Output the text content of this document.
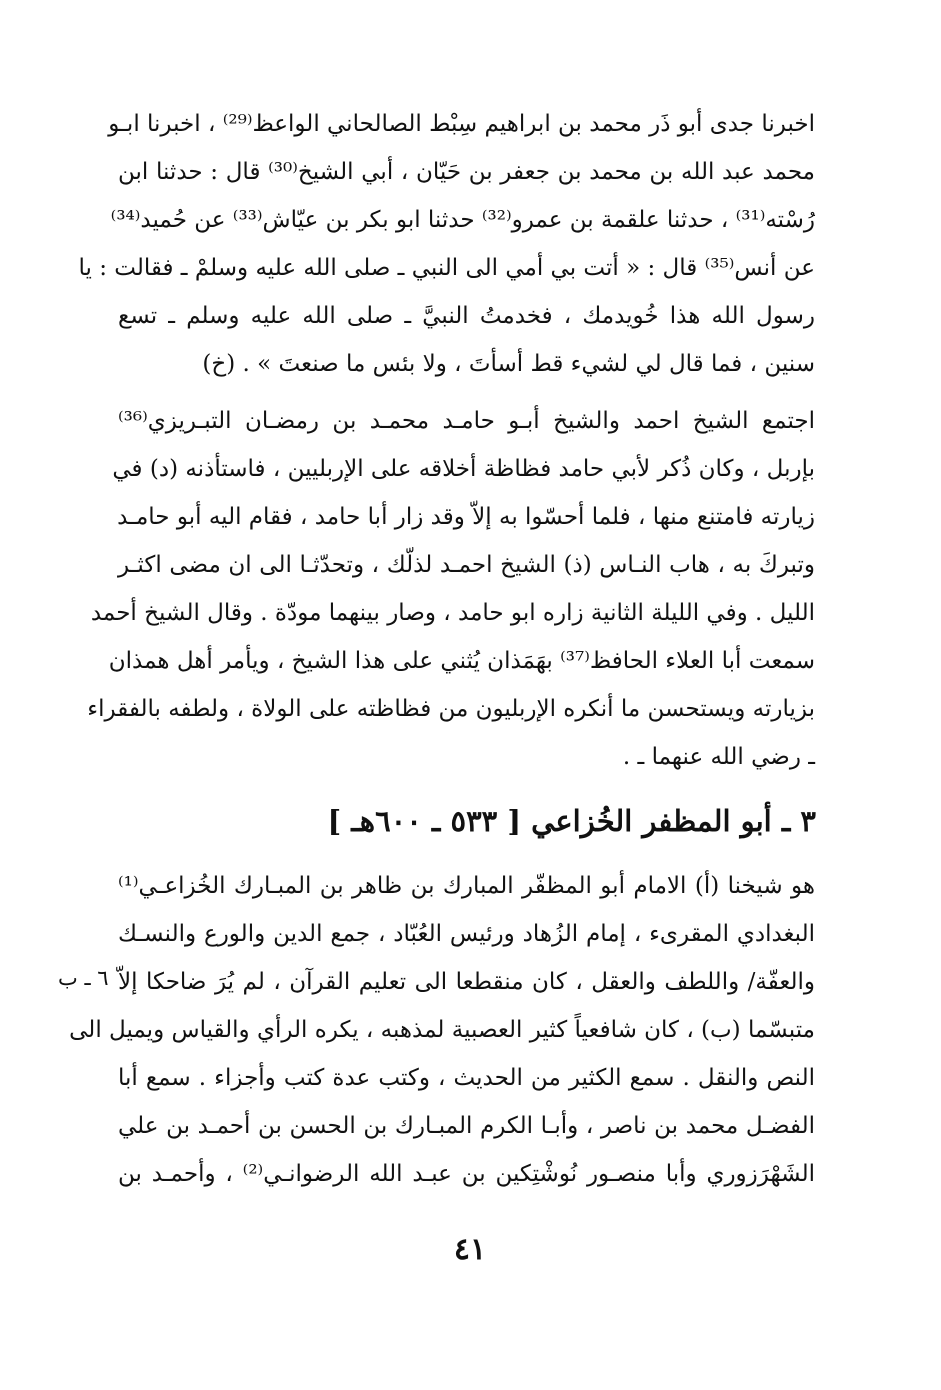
اخبرنا جدى أبو ذَر محمد بن ابراهيم سِبْط الصالحاني الواعظ⁽²⁹⁾ ، اخبرنا ابـو
محمد عبد الله بن محمد بن جعفر بن حَيّان ، أبي الشيخ⁽³⁰⁾ قال : حدثنا ابن
رُسْته⁽³¹⁾ ، حدثنا علقمة بن عمرو⁽³²⁾ حدثنا ابو بكر بن عيّاش⁽³³⁾ عن حُميد⁽³⁴⁾
عن أنس⁽³⁵⁾ قال : « أتت بي أمي الى النبي ـ صلى الله عليه وسلمْ ـ فقالت : يا
رسول الله هذا خُويدمك ، فخدمتُ النبيَّ ـ صلى الله عليه وسلم ـ تسع
سنين ، فما قال لي لشيء قط أسأتَ ، ولا بئس ما صنعتَ » . (خ)
اجتمع الشيخ احمد والشيخ أبـو حامـد محمـد بن رمضـان التبـريزي⁽³⁶⁾
بإربل ، وكان ذُكر لأبي حامد فظاظة أخلاقه على الإربليين ، فاستأذنه (د) في
زيارته فامتنع منها ، فلما أحسّوا به إلاّ وقد زار أبا حامد ، فقام اليه أبو حامـد
وتبركَ به ، هاب النـاس (ذ) الشيخ احمـد لذلّك ، وتحدّثـا الى ان مضى اكثـر
الليل . وفي الليلة الثانية زاره ابو حامد ، وصار بينهما مودّة . وقال الشيخ أحمد
سمعت أبا العلاء الحافظ⁽³⁷⁾ بهَمَذان يُثني على هذا الشيخ ، ويأمر أهل همذان
بزيارته ويستحسن ما أنكره الإربليون من فظاظته على الولاة ، ولطفه بالفقراء
ـ رضي الله عنهما ـ .
٣ ـ أبو المظفر الخُزاعي [ ٥٣٣ ـ ٦٠٠هـ ]
هو شيخنا (أ) الامام أبو المظفّر المبارك بن ظاهر بن المبـارك الخُزاعـي⁽¹⁾
البغدادي المقرىء ، إمام الزُهاد ورئيس العُبّاد ، جمع الدين والورع والنسـك
والعفّة/ واللطف والعقل ، كان منقطعا الى تعليم القرآن ، لم يُرَ ضاحكا إلاّ
متبسّما (ب) ، كان شافعياً كثير العصبية لمذهبه ، يكره الرأي والقياس ويميل الى
النص والنقل . سمع الكثير من الحديث ، وكتب عدة كتب وأجزاء . سمع أبا
الفضـل محمد بن ناصر ، وأبـا الكرم المبـارك بن الحسن بن أحمـد بن علي
الشَهْرَزوري وأبا منصـور نُوشْتِكين بن عبـد الله الرضوانـي⁽²⁾ ، وأحمـد بن
٦ ـ ب
٤١
